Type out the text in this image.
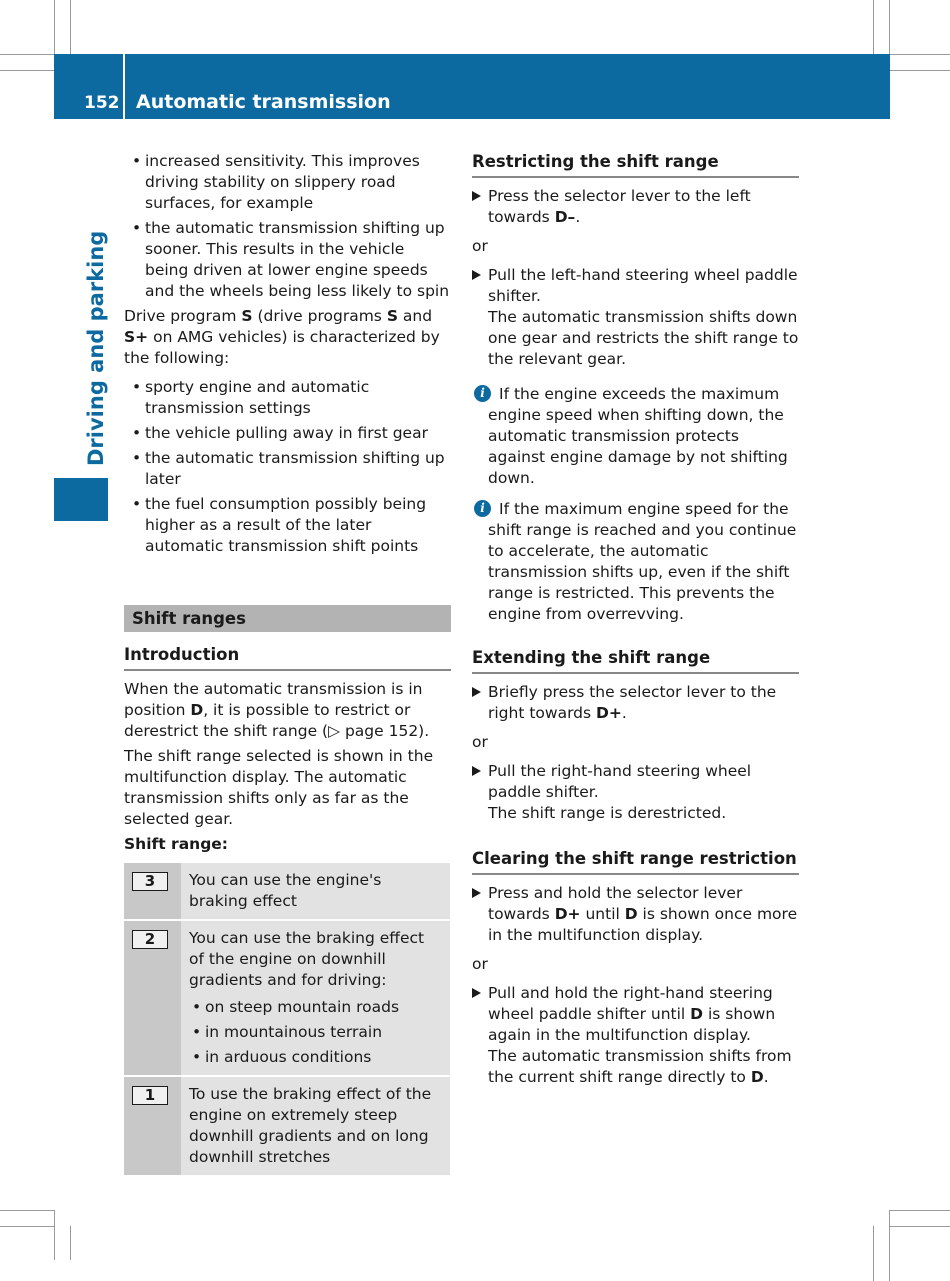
152 Automatic transmission
Driving and parking
• increased sensitivity. This improves driving stability on slippery road surfaces, for example
• the automatic transmission shifting up sooner. This results in the vehicle being driven at lower engine speeds and the wheels being less likely to spin

Drive program S (drive programs S and S+ on AMG vehicles) is characterized by the following:

• sporty engine and automatic transmission settings
• the vehicle pulling away in first gear
• the automatic transmission shifting up later
• the fuel consumption possibly being higher as a result of the later automatic transmission shift points
Shift ranges
Introduction

When the automatic transmission is in position D, it is possible to restrict or derestrict the shift range (▷ page 152).

The shift range selected is shown in the multifunction display. The automatic transmission shifts only as far as the selected gear.

Shift range:

3	You can use the engine's braking effect
2	You can use the braking effect of the engine on downhill gradients and for driving:
• on steep mountain roads
• in mountainous terrain
• in arduous conditions
1	To use the braking effect of the engine on extremely steep downhill gradients and on long downhill stretches
Restricting the shift range
Press the selector lever to the left towards D–.
or
Pull the left-hand steering wheel paddle shifter.
The automatic transmission shifts down one gear and restricts the shift range to the relevant gear.
i If the engine exceeds the maximum engine speed when shifting down, the automatic transmission protects against engine damage by not shifting down.
i If the maximum engine speed for the shift range is reached and you continue to accelerate, the automatic transmission shifts up, even if the shift range is restricted. This prevents the engine from overrevving.
Extending the shift range
Briefly press the selector lever to the right towards D+.
or
Pull the right-hand steering wheel paddle shifter.
The shift range is derestricted.
Clearing the shift range restriction
Press and hold the selector lever towards D+ until D is shown once more in the multifunction display.
or
Pull and hold the right-hand steering wheel paddle shifter until D is shown again in the multifunction display.
The automatic transmission shifts from the current shift range directly to D.
